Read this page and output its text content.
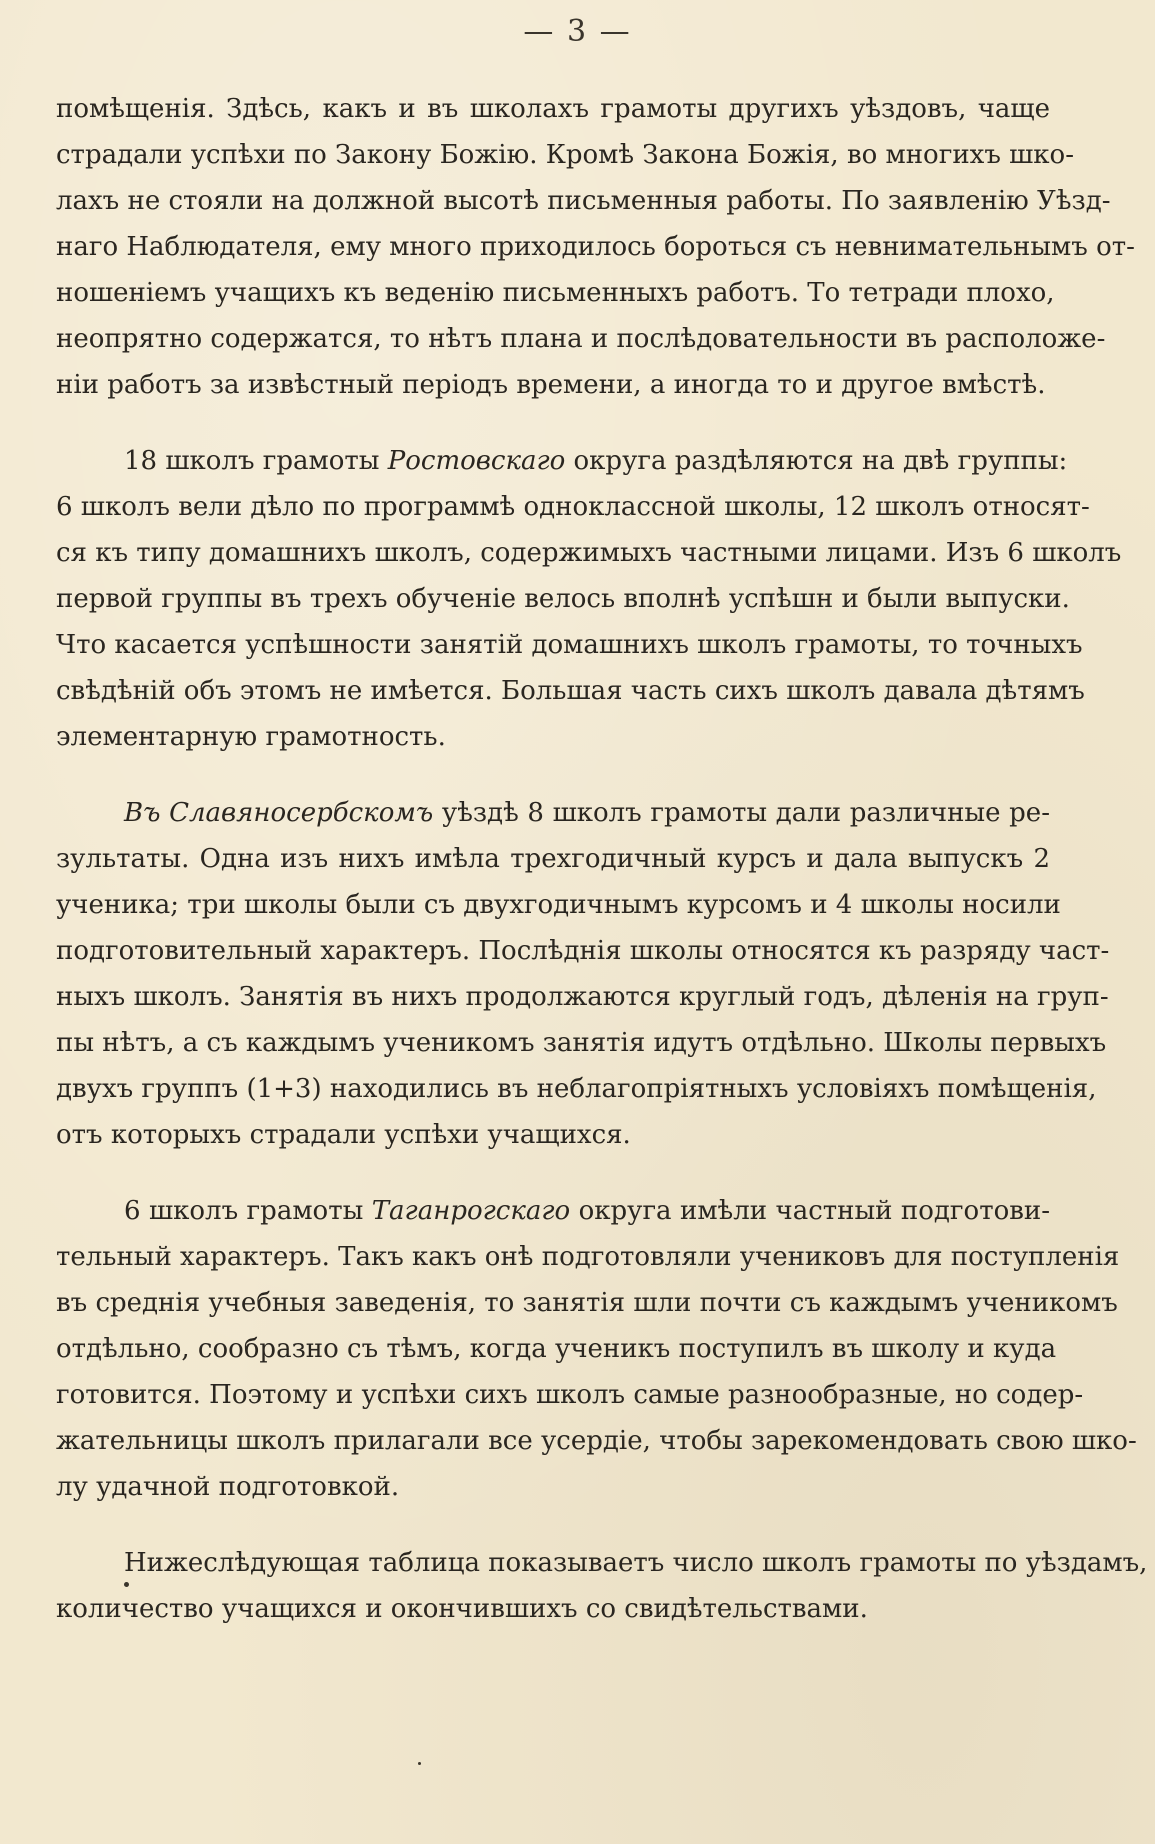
— 3 —

помѣщенія. Здѣсь, какъ и въ школахъ грамоты другихъ уѣздовъ, чаще
страдали успѣхи по Закону Божію. Кромѣ Закона Божія, во многихъ шко-
лахъ не стояли на должной высотѣ письменныя работы. По заявленію Уѣзд-
наго Наблюдателя, ему много приходилось бороться съ невнимательнымъ от-
ношеніемъ учащихъ къ веденію письменныхъ работъ. То тетради плохо,
неопрятно содержатся, то нѣтъ плана и послѣдовательности въ расположе-
ніи работъ за извѣстный періодъ времени, а иногда то и другое вмѣстѣ.

18 школъ грамоты Ростовскаго округа раздѣляются на двѣ группы:
6 школъ вели дѣло по программѣ одноклассной школы, 12 школъ относят-
ся къ типу домашнихъ школъ, содержимыхъ частными лицами. Изъ 6 школъ
первой группы въ трехъ обученіе велось вполнѣ успѣшн и были выпуски.
Что касается успѣшности занятій домашнихъ школъ грамоты, то точныхъ
свѣдѣній объ этомъ не имѣется. Большая часть сихъ школъ давала дѣтямъ
элементарную грамотность.

Въ Славяносербскомъ уѣздѣ 8 школъ грамоты дали различные ре-
зультаты. Одна изъ нихъ имѣла трехгодичный курсъ и дала выпускъ 2
ученика; три школы были съ двухгодичнымъ курсомъ и 4 школы носили
подготовительный характеръ. Послѣднія школы относятся къ разряду част-
ныхъ школъ. Занятія въ нихъ продолжаются круглый годъ, дѣленія на груп-
пы нѣтъ, а съ каждымъ ученикомъ занятія идутъ отдѣльно. Школы первыхъ
двухъ группъ (1+3) находились въ неблагопріятныхъ условіяхъ помѣщенія,
отъ которыхъ страдали успѣхи учащихся.

6 школъ грамоты Таганрогскаго округа имѣли частный подготови-
тельный характеръ. Такъ какъ онѣ подготовляли учениковъ для поступленія
въ среднія учебныя заведенія, то занятія шли почти съ каждымъ ученикомъ
отдѣльно, сообразно съ тѣмъ, когда ученикъ поступилъ въ школу и куда
готовится. Поэтому и успѣхи сихъ школъ самые разнообразные, но содер-
жательницы школъ прилагали все усердіе, чтобы зарекомендовать свою шко-
лу удачной подготовкой.

Нижеслѣдующая таблица показываетъ число школъ грамоты по уѣздамъ,
количество учащихся и окончившихъ со свидѣтельствами.
